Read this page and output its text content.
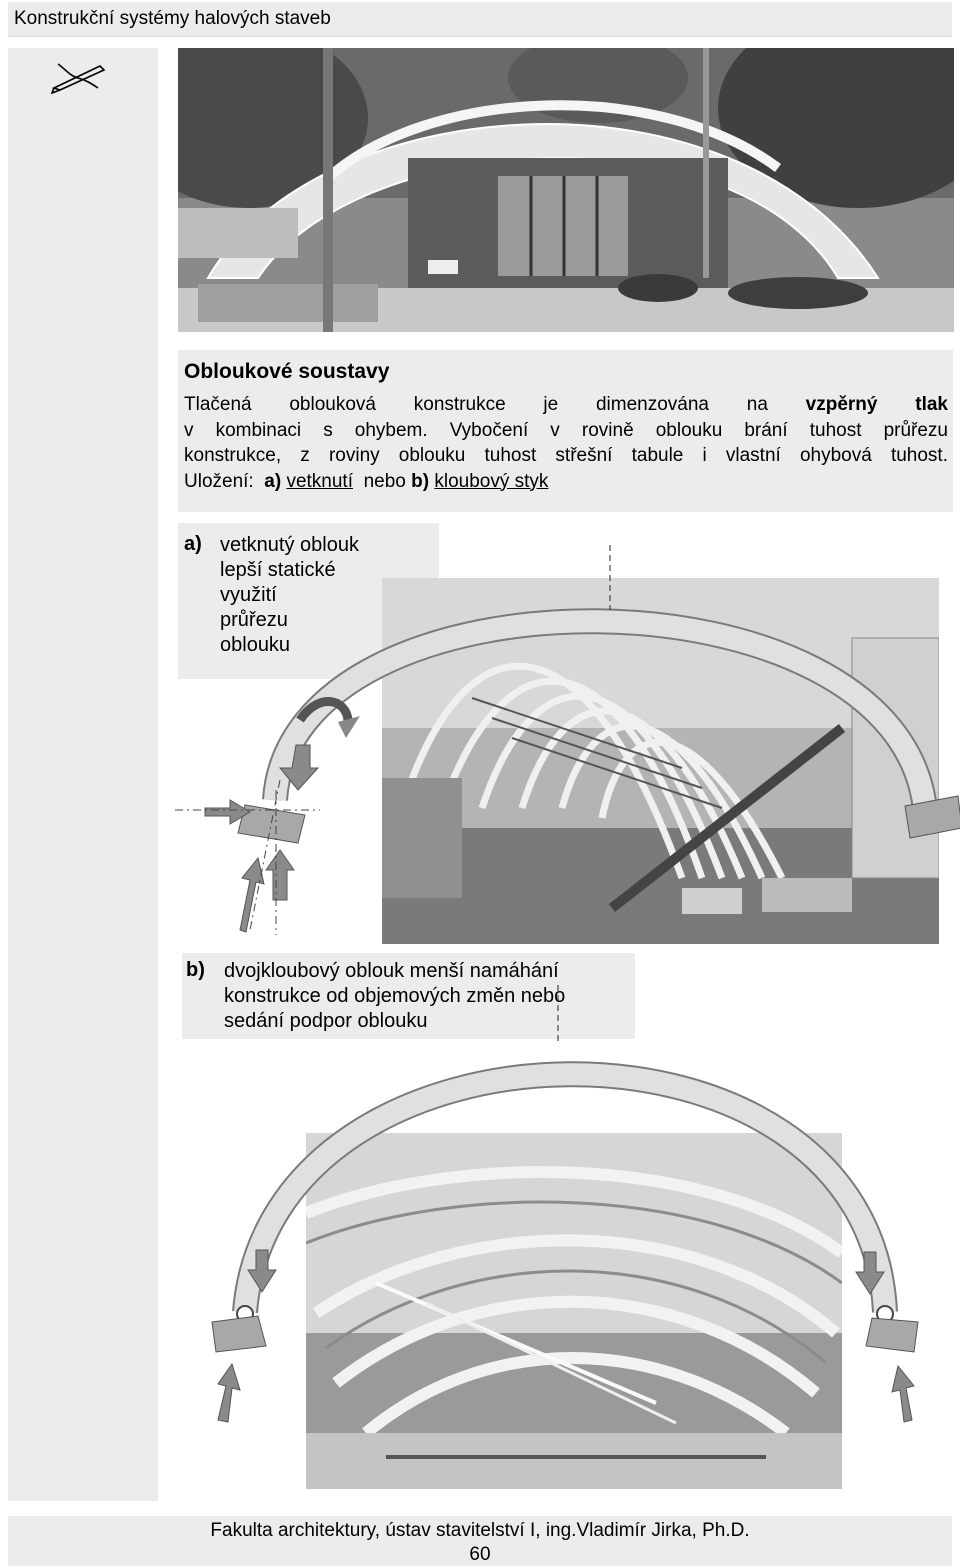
Konstrukční systémy halových staveb
Obloukové soustavy
Tlačená oblouková konstrukce je dimenzována na vzpěrný tlak
v kombinaci s ohybem. Vybočení v rovině oblouku brání tuhost průřezu
konstrukce, z roviny oblouku tuhost střešní tabule i vlastní ohybová tuhost.
Uložení: a) vetknutí nebo b) kloubový styk
a) vetknutý oblouk
lepší statické
využití
průřezu
oblouku
b) dvojkloubový oblouk menší namáhání
konstrukce od objemových změn nebo
sedání podpor oblouku
Fakulta architektury, ústav stavitelství I, ing.Vladimír Jirka, Ph.D.
60
